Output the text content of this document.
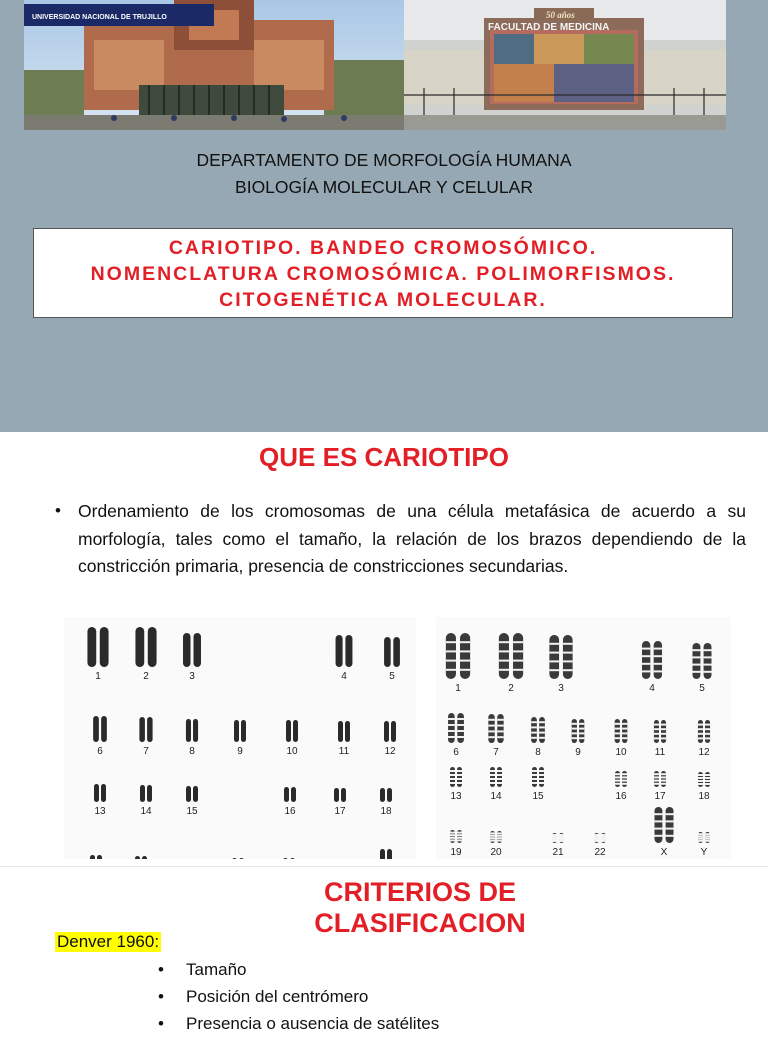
UNIVERSIDAD NACIONAL DE TRUJILLO	50 años
FACULTAD DE MEDICINA
DEPARTAMENTO DE MORFOLOGÍA HUMANA
BIOLOGÍA MOLECULAR Y CELULAR
CARIOTIPO. BANDEO CROMOSÓMICO.
NOMENCLATURA CROMOSÓMICA. POLIMORFISMOS.
CITOGENÉTICA MOLECULAR.
QUE ES CARIOTIPO
• Ordenamiento de los cromosomas de una célula metafásica de acuerdo a su morfología, tales como el tamaño, la relación de los brazos dependiendo de la constricción primaria, presencia de constricciones secundarias.
1	2	3	4	5
6	7	8	9	10	11	12
13	14	15	16	17	18
1	2	3	4	5
6	7	8	9	10	11	12
13	14	15	16	17	18
19	20	21	22	X	Y
CRITERIOS DE
CLASIFICACION
Denver 1960:
• Tamaño
• Posición del centrómero
• Presencia o ausencia de satélites
